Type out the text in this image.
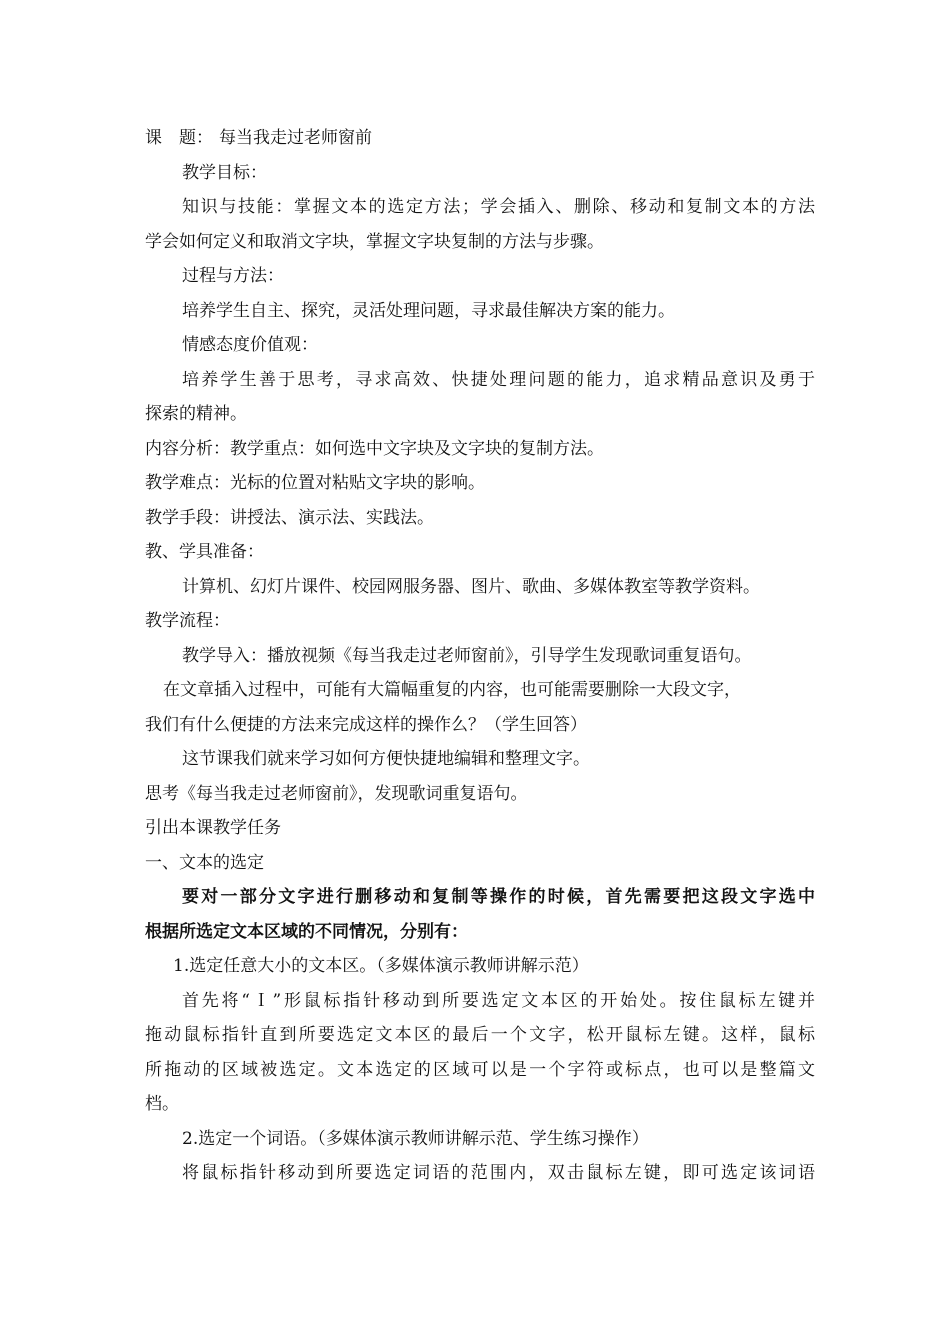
课　题： 每当我走过老师窗前
教学目标：
知识与技能：掌握文本的选定方法；学会插入、删除、移动和复制文本的方法
学会如何定义和取消文字块，掌握文字块复制的方法与步骤。
过程与方法：
培养学生自主、探究，灵活处理问题，寻求最佳解决方案的能力。
情感态度价值观：
培养学生善于思考，寻求高效、快捷处理问题的能力，追求精品意识及勇于
探索的精神。
内容分析：教学重点：如何选中文字块及文字块的复制方法。
教学难点：光标的位置对粘贴文字块的影响。
教学手段：讲授法、演示法、实践法。
教、学具准备：
计算机、幻灯片课件、校园网服务器、图片、歌曲、多媒体教室等教学资料。
教学流程：
教学导入：播放视频《每当我走过老师窗前》，引导学生发现歌词重复语句。
在文章插入过程中，可能有大篇幅重复的内容，也可能需要删除一大段文字，
我们有什么便捷的方法来完成这样的操作么？（学生回答）
这节课我们就来学习如何方便快捷地编辑和整理文字。
思考《每当我走过老师窗前》，发现歌词重复语句。
引出本课教学任务
一、文本的选定
要对一部分文字进行删移动和复制等操作的时候，首先需要把这段文字选中
根据所选定文本区域的不同情况，分别有：
1.选定任意大小的文本区。（多媒体演示教师讲解示范）
首先将“Ｉ”形鼠标指针移动到所要选定文本区的开始处。按住鼠标左键并
拖动鼠标指针直到所要选定文本区的最后一个文字，松开鼠标左键。这样，鼠标
所拖动的区域被选定。文本选定的区域可以是一个字符或标点，也可以是整篇文
档。
2.选定一个词语。（多媒体演示教师讲解示范、学生练习操作）
将鼠标指针移动到所要选定词语的范围内，双击鼠标左键，即可选定该词语
